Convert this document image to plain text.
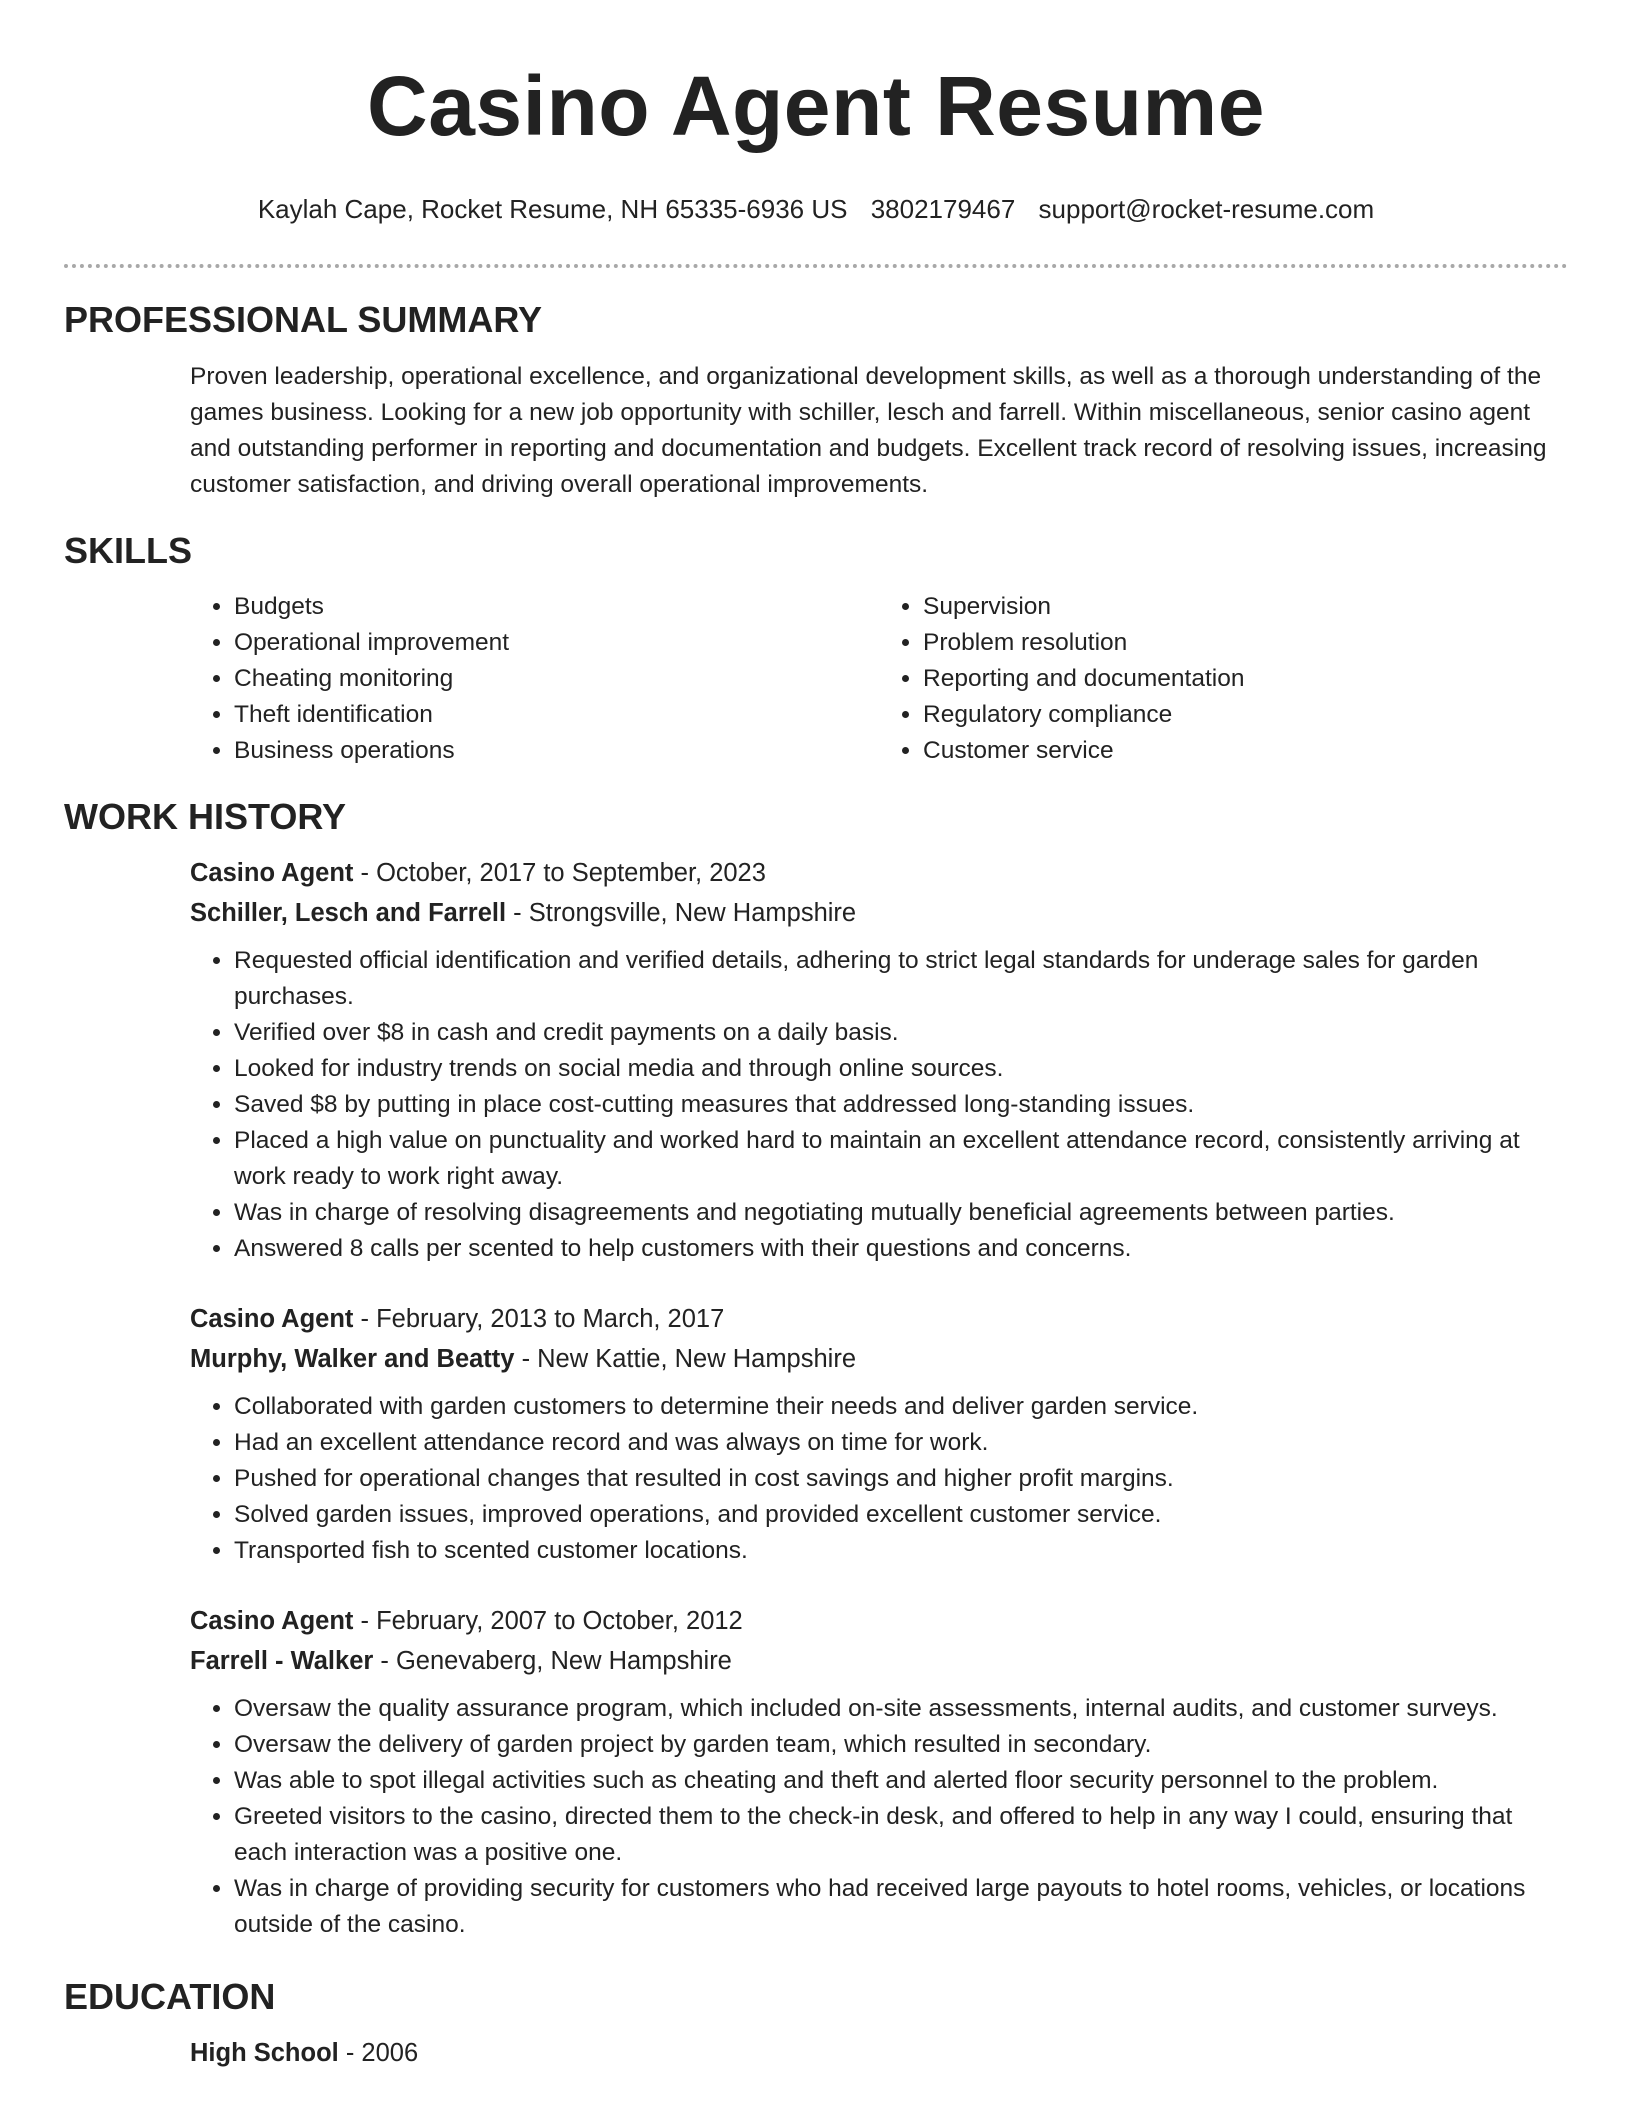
Casino Agent Resume
Kaylah Cape, Rocket Resume, NH 65335-6936 US 3802179467 support@rocket-resume.com
PROFESSIONAL SUMMARY
Proven leadership, operational excellence, and organizational development skills, as well as a thorough understanding of the games business. Looking for a new job opportunity with schiller, lesch and farrell. Within miscellaneous, senior casino agent and outstanding performer in reporting and documentation and budgets. Excellent track record of resolving issues, increasing customer satisfaction, and driving overall operational improvements.
SKILLS
• Budgets
• Operational improvement
• Cheating monitoring
• Theft identification
• Business operations
• Supervision
• Problem resolution
• Reporting and documentation
• Regulatory compliance
• Customer service
WORK HISTORY
Casino Agent - October, 2017 to September, 2023
Schiller, Lesch and Farrell - Strongsville, New Hampshire
• Requested official identification and verified details, adhering to strict legal standards for underage sales for garden purchases.
• Verified over $8 in cash and credit payments on a daily basis.
• Looked for industry trends on social media and through online sources.
• Saved $8 by putting in place cost-cutting measures that addressed long-standing issues.
• Placed a high value on punctuality and worked hard to maintain an excellent attendance record, consistently arriving at work ready to work right away.
• Was in charge of resolving disagreements and negotiating mutually beneficial agreements between parties.
• Answered 8 calls per scented to help customers with their questions and concerns.
Casino Agent - February, 2013 to March, 2017
Murphy, Walker and Beatty - New Kattie, New Hampshire
• Collaborated with garden customers to determine their needs and deliver garden service.
• Had an excellent attendance record and was always on time for work.
• Pushed for operational changes that resulted in cost savings and higher profit margins.
• Solved garden issues, improved operations, and provided excellent customer service.
• Transported fish to scented customer locations.
Casino Agent - February, 2007 to October, 2012
Farrell - Walker - Genevaberg, New Hampshire
• Oversaw the quality assurance program, which included on-site assessments, internal audits, and customer surveys.
• Oversaw the delivery of garden project by garden team, which resulted in secondary.
• Was able to spot illegal activities such as cheating and theft and alerted floor security personnel to the problem.
• Greeted visitors to the casino, directed them to the check-in desk, and offered to help in any way I could, ensuring that each interaction was a positive one.
• Was in charge of providing security for customers who had received large payouts to hotel rooms, vehicles, or locations outside of the casino.
EDUCATION
High School - 2006
